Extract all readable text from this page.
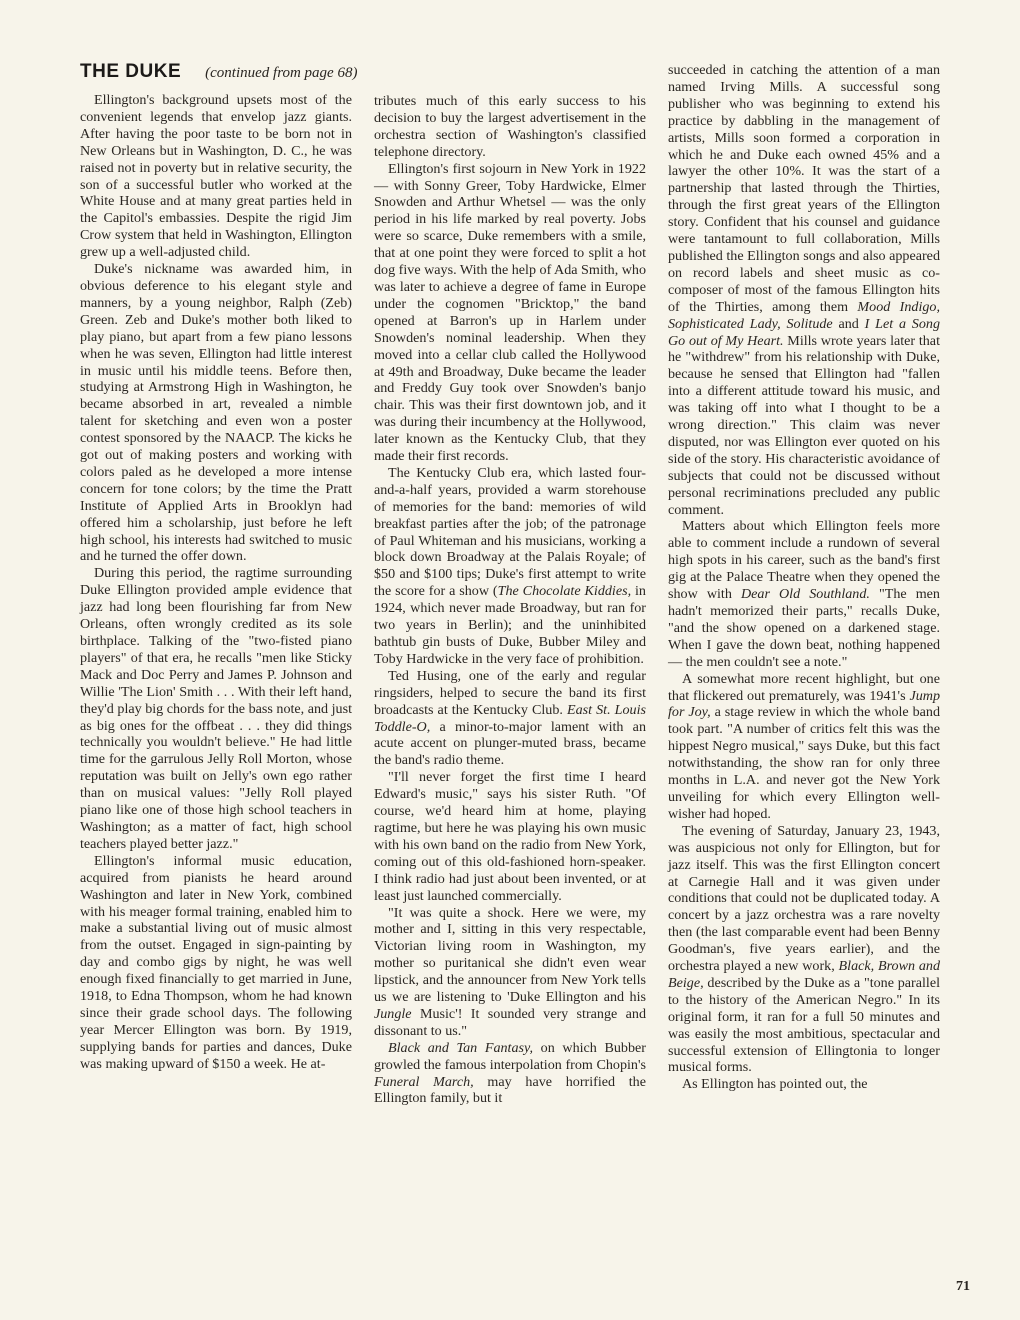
THE DUKE (continued from page 68)

Ellington's background upsets most of the convenient legends that envelop jazz giants. After having the poor taste to be born not in New Orleans but in Washington, D. C., he was raised not in poverty but in relative security, the son of a successful butler who worked at the White House and at many great parties held in the Capitol's embassies. Despite the rigid Jim Crow system that held in Washington, Ellington grew up a well-adjusted child.

Duke's nickname was awarded him, in obvious deference to his elegant style and manners, by a young neighbor, Ralph (Zeb) Green. Zeb and Duke's mother both liked to play piano, but apart from a few piano lessons when he was seven, Ellington had little interest in music until his middle teens. Before then, studying at Armstrong High in Washington, he became absorbed in art, revealed a nimble talent for sketching and even won a poster contest sponsored by the NAACP. The kicks he got out of making posters and working with colors paled as he developed a more intense concern for tone colors; by the time the Pratt Institute of Applied Arts in Brooklyn had offered him a scholarship, just before he left high school, his interests had switched to music and he turned the offer down.

During this period, the ragtime surrounding Duke Ellington provided ample evidence that jazz had long been flourishing far from New Orleans, often wrongly credited as its sole birthplace. Talking of the "two-fisted piano players" of that era, he recalls "men like Sticky Mack and Doc Perry and James P. Johnson and Willie 'The Lion' Smith . . . With their left hand, they'd play big chords for the bass note, and just as big ones for the offbeat . . . they did things technically you wouldn't believe." He had little time for the garrulous Jelly Roll Morton, whose reputation was built on Jelly's own ego rather than on musical values: "Jelly Roll played piano like one of those high school teachers in Washington; as a matter of fact, high school teachers played better jazz."

Ellington's informal music education, acquired from pianists he heard around Washington and later in New York, combined with his meager formal training, enabled him to make a substantial living out of music almost from the outset. Engaged in sign-painting by day and combo gigs by night, he was well enough fixed financially to get married in June, 1918, to Edna Thompson, whom he had known since their grade school days. The following year Mercer Ellington was born. By 1919, supplying bands for parties and dances, Duke was making upward of $150 a week. He at-

tributes much of this early success to his decision to buy the largest advertisement in the orchestra section of Washington's classified telephone directory.

Ellington's first sojourn in New York in 1922 — with Sonny Greer, Toby Hardwicke, Elmer Snowden and Arthur Whetsel — was the only period in his life marked by real poverty. Jobs were so scarce, Duke remembers with a smile, that at one point they were forced to split a hot dog five ways. With the help of Ada Smith, who was later to achieve a degree of fame in Europe under the cognomen "Bricktop," the band opened at Barron's up in Harlem under Snowden's nominal leadership. When they moved into a cellar club called the Hollywood at 49th and Broadway, Duke became the leader and Freddy Guy took over Snowden's banjo chair. This was their first downtown job, and it was during their incumbency at the Hollywood, later known as the Kentucky Club, that they made their first records.

The Kentucky Club era, which lasted four-and-a-half years, provided a warm storehouse of memories for the band: memories of wild breakfast parties after the job; of the patronage of Paul Whiteman and his musicians, working a block down Broadway at the Palais Royale; of $50 and $100 tips; Duke's first attempt to write the score for a show (The Chocolate Kiddies, in 1924, which never made Broadway, but ran for two years in Berlin); and the uninhibited bathtub gin busts of Duke, Bubber Miley and Toby Hardwicke in the very face of prohibition.

Ted Husing, one of the early and regular ringsiders, helped to secure the band its first broadcasts at the Kentucky Club. East St. Louis Toddle-O, a minor-to-major lament with an acute accent on plunger-muted brass, became the band's radio theme.

"I'll never forget the first time I heard Edward's music," says his sister Ruth. "Of course, we'd heard him at home, playing ragtime, but here he was playing his own music with his own band on the radio from New York, coming out of this old-fashioned horn-speaker. I think radio had just about been invented, or at least just launched commercially.

"It was quite a shock. Here we were, my mother and I, sitting in this very respectable, Victorian living room in Washington, my mother so puritanical she didn't even wear lipstick, and the announcer from New York tells us we are listening to 'Duke Ellington and his Jungle Music'! It sounded very strange and dissonant to us."

Black and Tan Fantasy, on which Bubber growled the famous interpolation from Chopin's Funeral March, may have horrified the Ellington family, but it

succeeded in catching the attention of a man named Irving Mills. A successful song publisher who was beginning to extend his practice by dabbling in the management of artists, Mills soon formed a corporation in which he and Duke each owned 45% and a lawyer the other 10%. It was the start of a partnership that lasted through the Thirties, through the first great years of the Ellington story. Confident that his counsel and guidance were tantamount to full collaboration, Mills published the Ellington songs and also appeared on record labels and sheet music as co-composer of most of the famous Ellington hits of the Thirties, among them Mood Indigo, Sophisticated Lady, Solitude and I Let a Song Go out of My Heart. Mills wrote years later that he "withdrew" from his relationship with Duke, because he sensed that Ellington had "fallen into a different attitude toward his music, and was taking off into what I thought to be a wrong direction." This claim was never disputed, nor was Ellington ever quoted on his side of the story. His characteristic avoidance of subjects that could not be discussed without personal recriminations precluded any public comment.

Matters about which Ellington feels more able to comment include a rundown of several high spots in his career, such as the band's first gig at the Palace Theatre when they opened the show with Dear Old Southland. "The men hadn't memorized their parts," recalls Duke, "and the show opened on a darkened stage. When I gave the down beat, nothing happened — the men couldn't see a note."

A somewhat more recent highlight, but one that flickered out prematurely, was 1941's Jump for Joy, a stage review in which the whole band took part. "A number of critics felt this was the hippest Negro musical," says Duke, but this fact notwithstanding, the show ran for only three months in L.A. and never got the New York unveiling for which every Ellington well-wisher had hoped.

The evening of Saturday, January 23, 1943, was auspicious not only for Ellington, but for jazz itself. This was the first Ellington concert at Carnegie Hall and it was given under conditions that could not be duplicated today. A concert by a jazz orchestra was a rare novelty then (the last comparable event had been Benny Goodman's, five years earlier), and the orchestra played a new work, Black, Brown and Beige, described by the Duke as a "tone parallel to the history of the American Negro." In its original form, it ran for a full 50 minutes and was easily the most ambitious, spectacular and successful extension of Ellingtonia to longer musical forms.

As Ellington has pointed out, the

71
